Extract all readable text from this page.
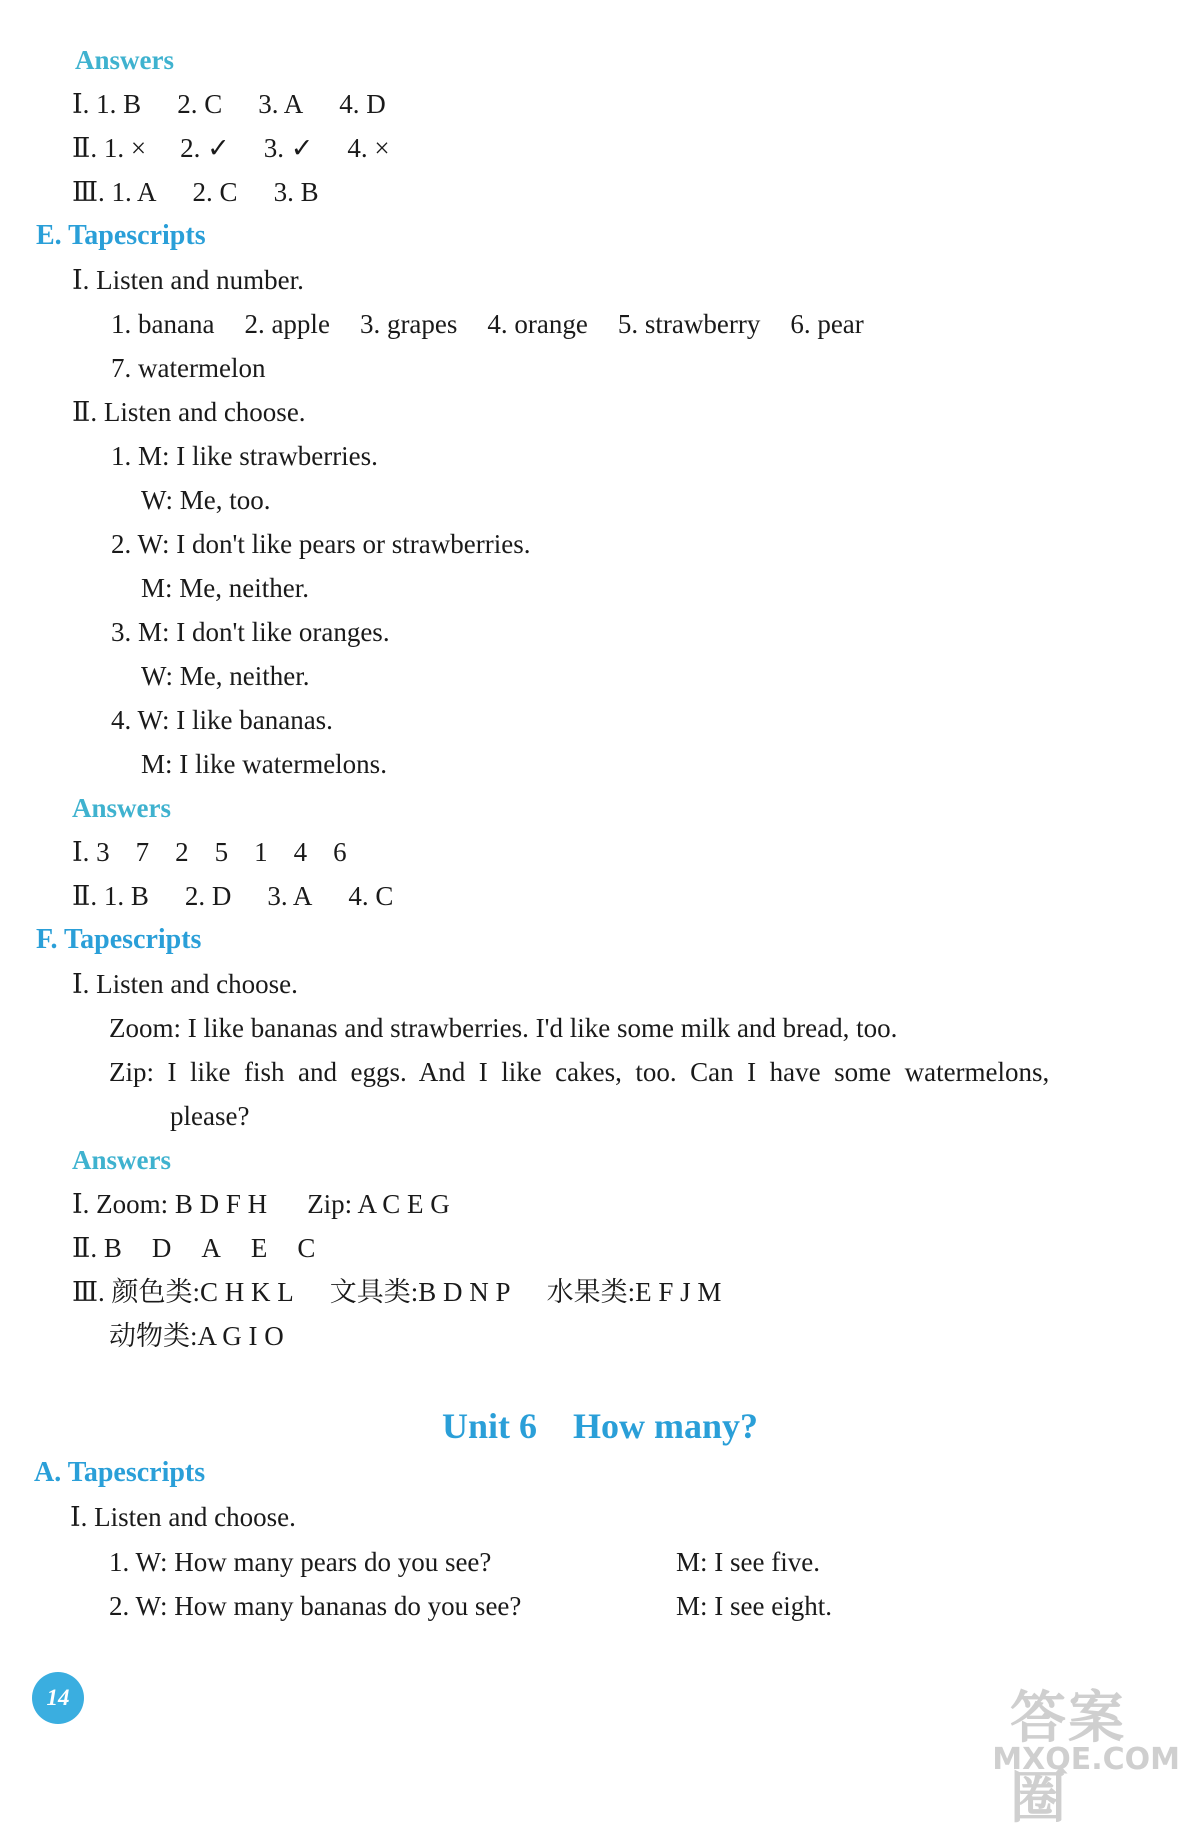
Answers
Ⅰ. 1. B 2. C 3. A 4. D
Ⅱ. 1. × 2. ✓ 3. ✓ 4. ×
Ⅲ. 1. A 2. C 3. B
E. Tapescripts
Ⅰ. Listen and number.
1. banana 2. apple 3. grapes 4. orange 5. strawberry 6. pear
7. watermelon
Ⅱ. Listen and choose.
1. M: I like strawberries.
W: Me, too.
2. W: I don't like pears or strawberries.
M: Me, neither.
3. M: I don't like oranges.
W: Me, neither.
4. W: I like bananas.
M: I like watermelons.
Answers
Ⅰ. 3 7 2 5 1 4 6
Ⅱ. 1. B 2. D 3. A 4. C
F. Tapescripts
Ⅰ. Listen and choose.
Zoom: I like bananas and strawberries. I'd like some milk and bread, too.
Zip:  I  like  fish  and  eggs.  And  I  like  cakes,  too.  Can  I  have  some  watermelons,
please?
Answers
Ⅰ. Zoom: B D F H Zip: A C E G
Ⅱ. B D A E C
Ⅲ. 颜色类:C H K L 文具类:B D N P 水果类:E F J M
动物类:A G I O
Unit 6 How many?
A. Tapescripts
Ⅰ. Listen and choose.
1. W: How many pears do you see?	M: I see five.
2. W: How many bananas do you see?	M: I see eight.
14	答案圈
MXQE.COM
